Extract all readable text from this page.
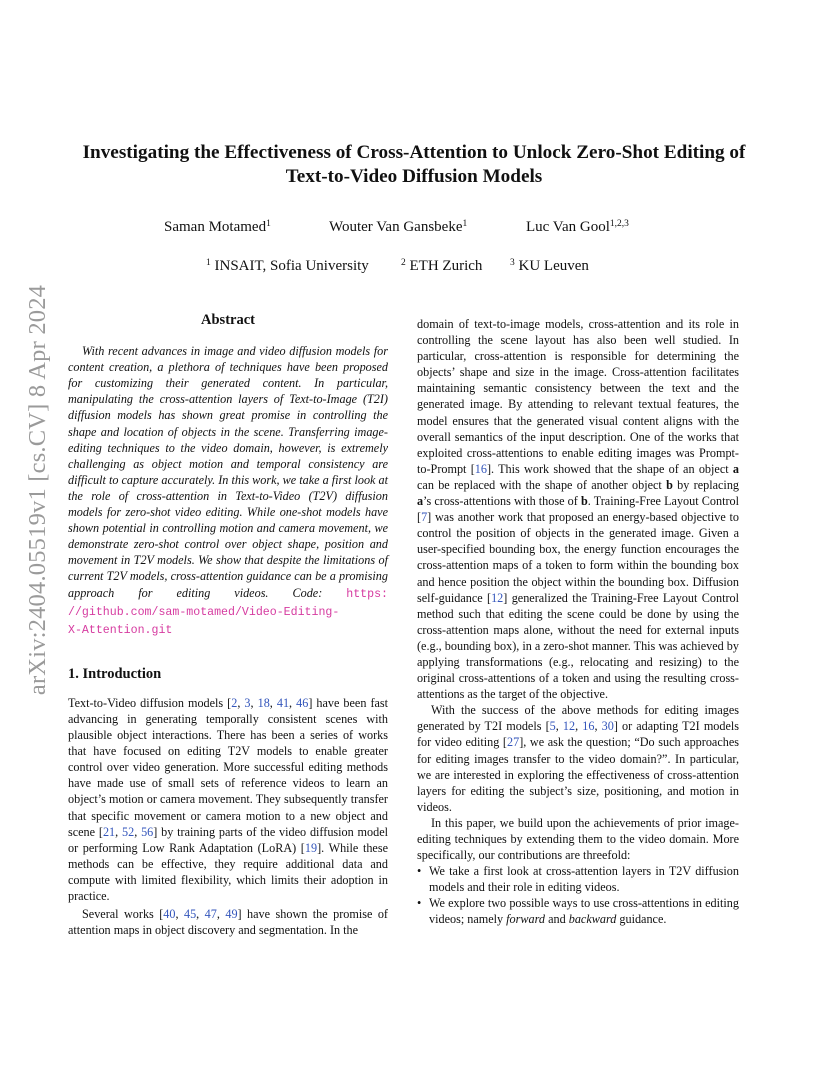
arXiv:2404.05519v1 [cs.CV] 8 Apr 2024
Investigating the Effectiveness of Cross-Attention to Unlock Zero-Shot Editing of
Text-to-Video Diffusion Models
Saman Motamed$^1$	Wouter Van Gansbeke$^1$	Luc Van Gool$^{1,2,3}$
$^1$ INSAIT, Sofia University	$^2$ ETH Zurich	$^3$ KU Leuven
Abstract

With recent advances in image and video diffusion models for content creation, a plethora of techniques have been proposed for customizing their generated content. In particular, manipulating the cross-attention layers of Text-to-Image (T2I) diffusion models has shown great promise in controlling the shape and location of objects in the scene. Transferring image-editing techniques to the video domain, however, is extremely challenging as object motion and temporal consistency are difficult to capture accurately. In this work, we take a first look at the role of cross-attention in Text-to-Video (T2V) diffusion models for zero-shot video editing. While one-shot models have shown potential in controlling motion and camera movement, we demonstrate zero-shot control over object shape, position and movement in T2V models. We show that despite the limitations of current T2V models, cross-attention guidance can be a promising approach for editing videos. Code: https: //github.com/sam-motamed/Video-Editing-
X-Attention.git

1. Introduction

Text-to-Video diffusion models [2, 3, 18, 41, 46] have been fast advancing in generating temporally consistent scenes with plausible object interactions. There has been a series of works that have focused on editing T2V models to enable greater control over video generation. More successful editing methods have made use of small sets of reference videos to learn an object’s motion or camera movement. They subsequently transfer that specific movement or camera motion to a new object and scene [21, 52, 56] by training parts of the video diffusion model or performing Low Rank Adaptation (LoRA) [19]. While these methods can be effective, they require additional data and compute with limited flexibility, which limits their adoption in practice.

Several works [40, 45, 47, 49] have shown the promise of attention maps in object discovery and segmentation. In the

domain of text-to-image models, cross-attention and its role in controlling the scene layout has also been well studied. In particular, cross-attention is responsible for determining the objects’ shape and size in the image. Cross-attention facilitates maintaining semantic consistency between the text and the generated image. By attending to relevant textual features, the model ensures that the generated visual content aligns with the overall semantics of the input description. One of the works that exploited cross-attentions to enable editing images was Prompt-to-Prompt [16]. This work showed that the shape of an object a can be replaced with the shape of another object b by replacing a’s cross-attentions with those of b. Training-Free Layout Control [7] was another work that proposed an energy-based objective to control the position of objects in the generated image. Given a user-specified bounding box, the energy function encourages the cross-attention maps of a token to form within the bounding box and hence position the object within the bounding box. Diffusion self-guidance [12] generalized the Training-Free Layout Control method such that editing the scene could be done by using the cross-attention maps alone, without the need for external inputs (e.g., bounding box), in a zero-shot manner. This was achieved by applying transformations (e.g., relocating and resizing) to the original cross-attentions of a token and using the resulting cross-attentions as the target of the objective.

With the success of the above methods for editing images generated by T2I models [5, 12, 16, 30] or adapting T2I models for video editing [27], we ask the question; “Do such approaches for editing images transfer to the video domain?”. In particular, we are interested in exploring the effectiveness of cross-attention layers for editing the subject’s size, positioning, and motion in videos.

In this paper, we build upon the achievements of prior image-editing techniques by extending them to the video domain. More specifically, our contributions are threefold:

• We take a first look at cross-attention layers in T2V diffusion models and their role in editing videos.
• We explore two possible ways to use cross-attentions in editing videos; namely forward and backward guidance.
